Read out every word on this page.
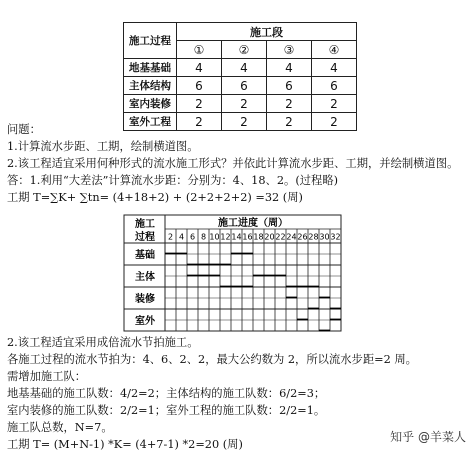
施工过程	施工段			
	①	②	③	④
地基基础	4	4	4	4
主体结构	6	6	6	6
室内装修	2	2	2	2
室外工程	2	2	2	2
问题：
1.计算流水步距、工期，绘制横道图。
2.该工程适宜采用何种形式的流水施工形式？并依此计算流水步距、工期，并绘制横道图。
答：1.利用“大差法”计算流水步距：分别为：4、18、2。(过程略)
工期 T=∑K+ ∑tn= (4+18+2) + (2+2+2+2) =32 (周)
施工
过程
施工进度（周）
2 4 6 8 10 12 14 16 18 20 22 24 26 28 30 32
基础
主体
装修
室外
2.该工程适宜采用成倍流水节拍施工。
各施工过程的流水节拍为：4、6、2、2，最大公约数为 2，所以流水步距=2 周。
需增加施工队：
地基基础的施工队数：4/2=2；主体结构的施工队数：6/2=3；
室内装修的施工队数：2/2=1；室外工程的施工队数：2/2=1。
施工队总数，N=7。
工期 T= (M+N-1) *K= (4+7-1) *2=20 (周)
知乎 @羊菜人
